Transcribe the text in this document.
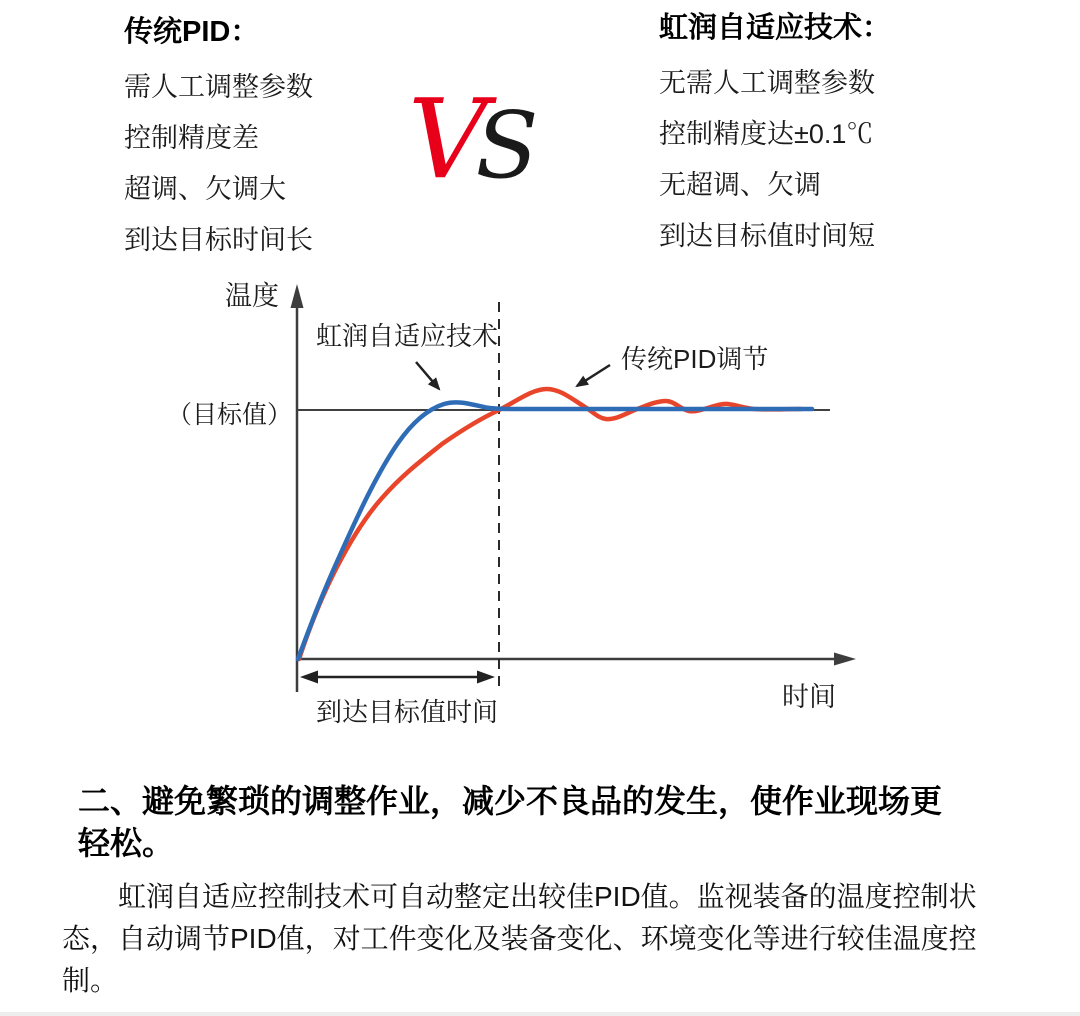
传统PID：
需人工调整参数
控制精度差
超调、欠调大
到达目标时间长
V
S
虹润自适应技术：
无需人工调整参数
控制精度达±0.1℃
无超调、欠调
到达目标值时间短
温度
（目标值）
虹润自适应技术
传统PID调节
到达目标值时间	时间
二、避免繁琐的调整作业，减少不良品的发生，使作业现场更轻松。
虹润自适应控制技术可自动整定出较佳PID值。监视装备的温度控制状态，自动调节PID值，对工件变化及装备变化、环境变化等进行较佳温度控制。
